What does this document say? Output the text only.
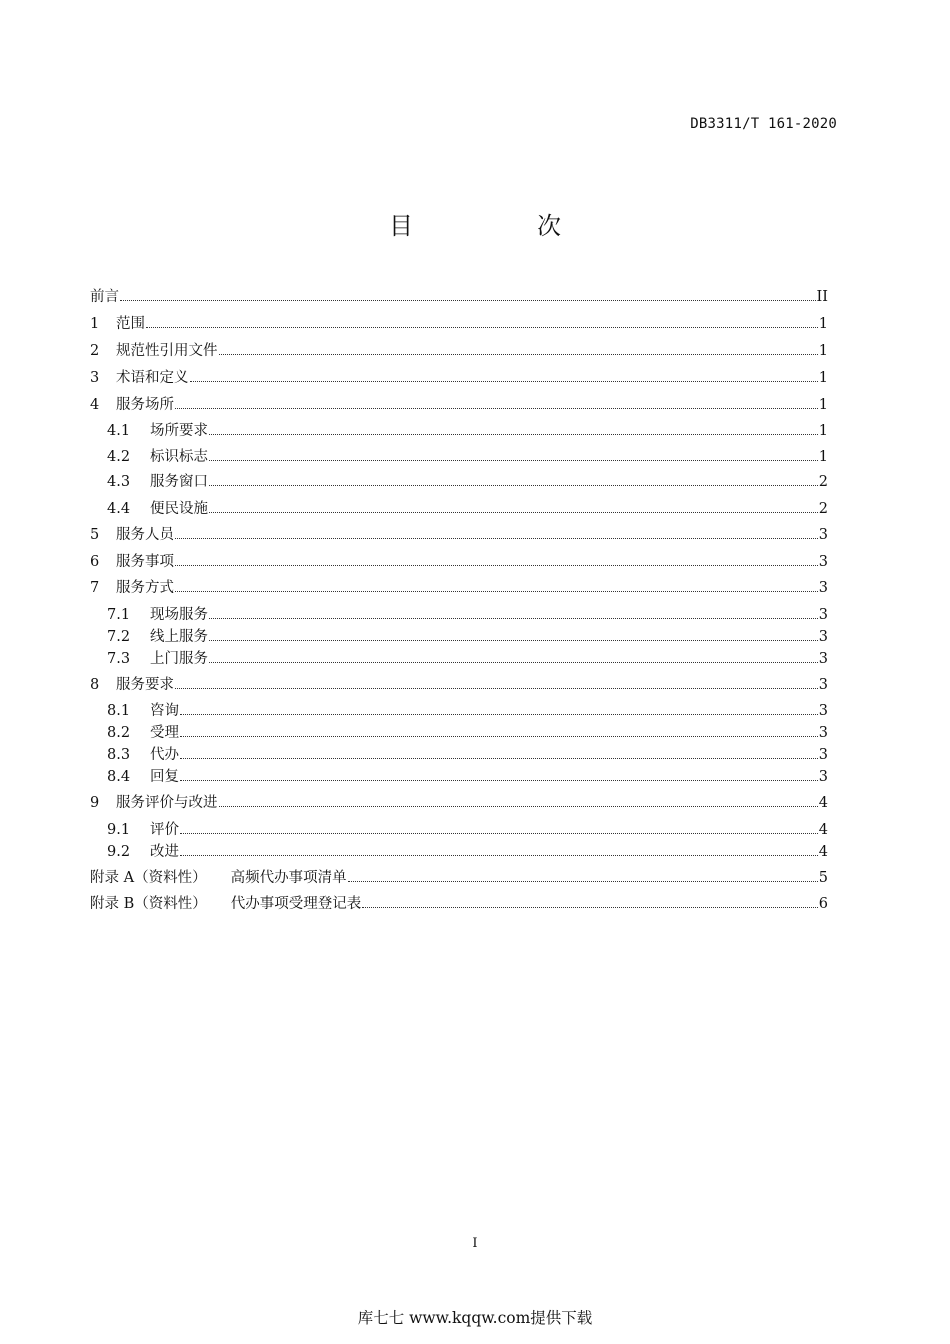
DB3311/T 161-2020
目　次
前言	II
1	范围	1
2	规范性引用文件	1
3	术语和定义	1
4	服务场所	1
4.1	场所要求	1
4.2	标识标志	1
4.3	服务窗口	2
4.4	便民设施	2
5	服务人员	3
6	服务事项	3
7	服务方式	3
7.1	现场服务	3
7.2	线上服务	3
7.3	上门服务	3
8	服务要求	3
8.1	咨询	3
8.2	受理	3
8.3	代办	3
8.4	回复	3
9	服务评价与改进	4
9.1	评价	4
9.2	改进	4
附录 A（资料性） 高频代办事项清单	5
附录 B（资料性） 代办事项受理登记表	6
I
库七七 www.kqqw.com提供下载
